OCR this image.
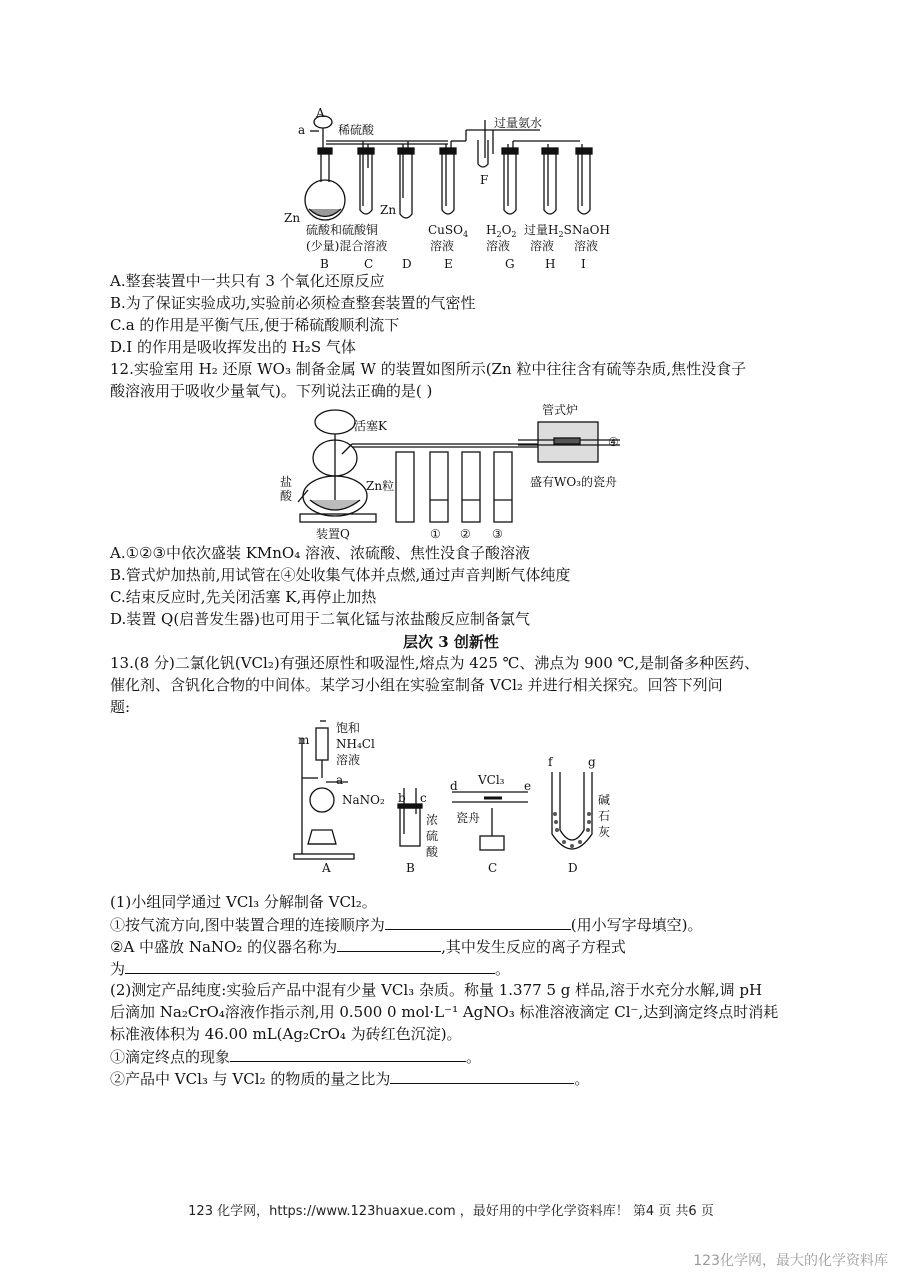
a
A
稀硫酸	过量氨水
Zn
Zn
F
硫酸和硫酸铜
(少量)混合溶液
CuSO$_4$
溶液
$H_2O_2$
溶液
过量$H_2S$
溶液
NaOH
溶液
B	C D	E	G	H I
A.整套装置中一共只有 3 个氧化还原反应
B.为了保证实验成功,实验前必须检查整套装置的气密性
C.a 的作用是平衡气压,便于稀硫酸顺利流下
D.I 的作用是吸收挥发出的 H₂S 气体
12.实验室用 H₂ 还原 WO₃ 制备金属 W 的装置如图所示(Zn 粒中往往含有硫等杂质,焦性没食子
酸溶液用于吸收少量氧气)。下列说法正确的是( )
活塞K
管式炉
盐
酸
Zn粒
装置Q
盛有WO₃的瓷舟
① ② ③
④
A.①②③中依次盛装 KMnO₄ 溶液、浓硫酸、焦性没食子酸溶液
B.管式炉加热前,用试管在④处收集气体并点燃,通过声音判断气体纯度
C.结束反应时,先关闭活塞 K,再停止加热
D.装置 Q(启普发生器)也可用于二氧化锰与浓盐酸反应制备氯气
层次 3 创新性
13.(8 分)二氯化钒(VCl₂)有强还原性和吸湿性,熔点为 425 ℃、沸点为 900 ℃,是制备多种医药、
催化剂、含钒化合物的中间体。某学习小组在实验室制备 VCl₂ 并进行相关探究。回答下列问
题:
m
饱和
NH₄Cl
溶液
a
NaNO₂ b c
浓
硫
酸
d	e
VCl₃
瓷舟
f	g
碱
石
灰
A	B	C	D
(1)小组同学通过 VCl₃ 分解制备 VCl₂。
①按气流方向,图中装置合理的连接顺序为	(用小写字母填空)。
②A 中盛放 NaNO₂ 的仪器名称为	,其中发生反应的离子方程式
为	。
(2)测定产品纯度:实验后产品中混有少量 VCl₃ 杂质。称量 1.377 5 g 样品,溶于水充分水解,调 pH
后滴加 Na₂CrO₄溶液作指示剂,用 0.500 0 mol·L⁻¹ AgNO₃ 标准溶液滴定 Cl⁻,达到滴定终点时消耗
标准液体积为 46.00 mL(Ag₂CrO₄ 为砖红色沉淀)。
①滴定终点的现象	。
②产品中 VCl₃ 与 VCl₂ 的物质的量之比为	。
123 化学网，https://www.123huaxue.com ，最好用的中学化学资料库！ 第4 页 共6 页
123化学网，最大的化学资料库
